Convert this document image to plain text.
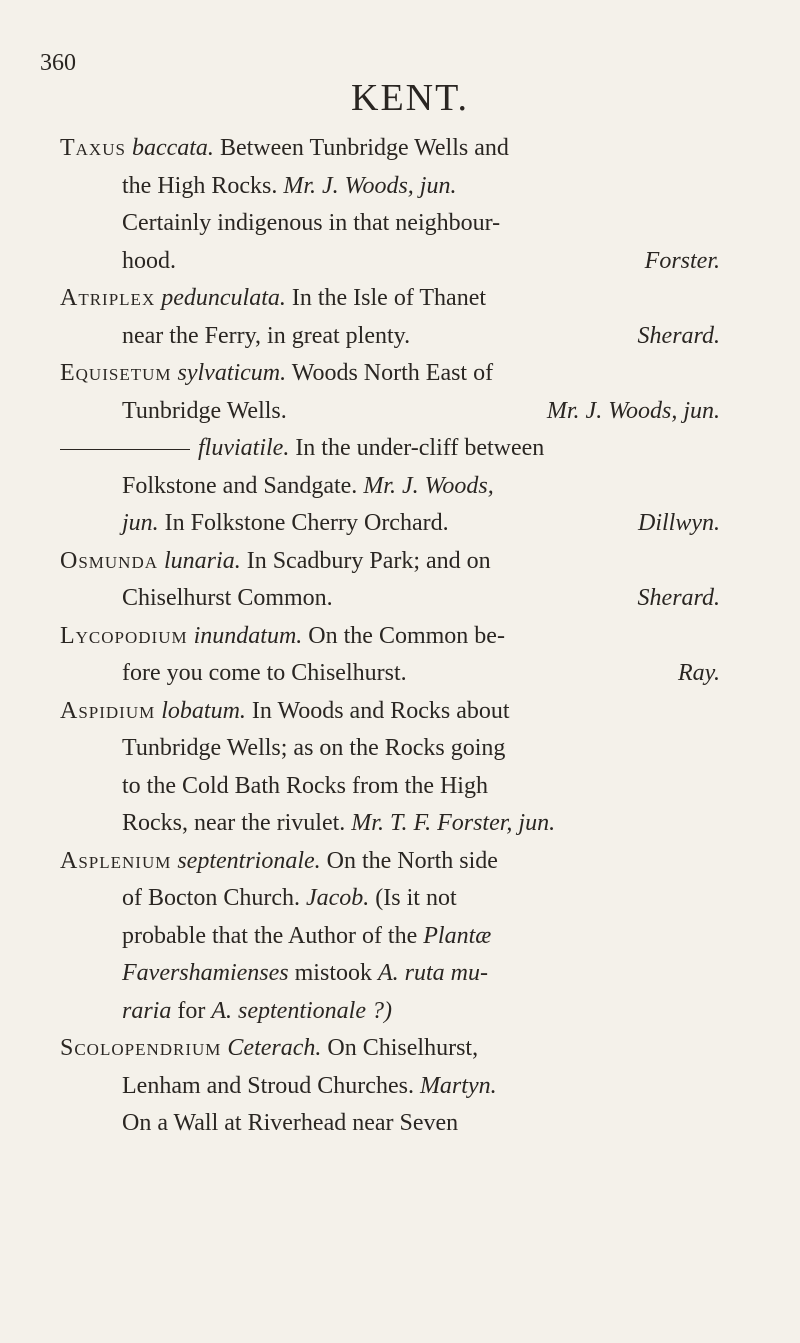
360
KENT.
Taxus baccata. Between Tunbridge Wells and
the High Rocks. Mr. J. Woods, jun.
Certainly indigenous in that neighbour-
hood.	Forster.
Atriplex pedunculata. In the Isle of Thanet
near the Ferry, in great plenty.	Sherard.
Equisetum sylvaticum. Woods North East of
Tunbridge Wells.	Mr. J. Woods, jun.
fluviatile. In the under-cliff between
Folkstone and Sandgate. Mr. J. Woods,
jun. In Folkstone Cherry Orchard.	Dillwyn.
Osmunda lunaria. In Scadbury Park; and on
Chiselhurst Common.	Sherard.
Lycopodium inundatum. On the Common be-
fore you come to Chiselhurst.	Ray.
Aspidium lobatum. In Woods and Rocks about
Tunbridge Wells; as on the Rocks going
to the Cold Bath Rocks from the High
Rocks, near the rivulet. Mr. T. F. Forster, jun.
Asplenium septentrionale. On the North side
of Bocton Church. Jacob. (Is it not
probable that the Author of the Plantæ
Favershamienses mistook A. ruta mu-
raria for A. septentionale ?)
Scolopendrium Ceterach. On Chiselhurst,
Lenham and Stroud Churches. Martyn.
On a Wall at Riverhead near Seven
